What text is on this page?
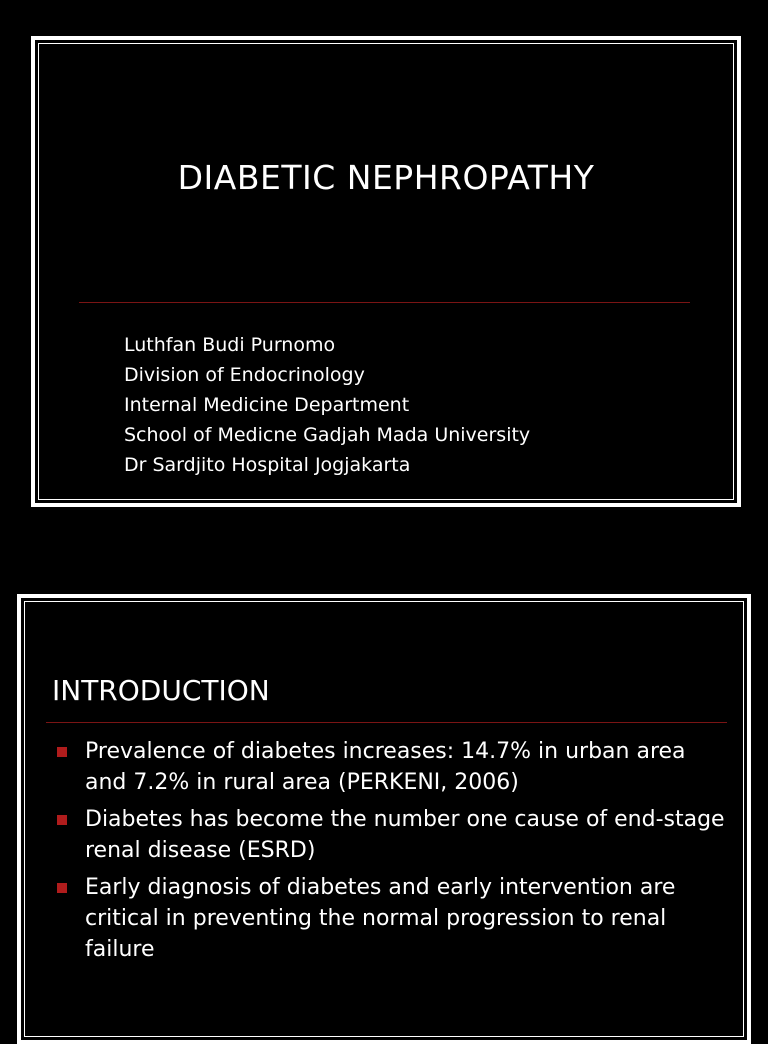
DIABETIC NEPHROPATHY
Luthfan Budi Purnomo
Division of Endocrinology
Internal Medicine Department
School of Medicne Gadjah Mada University
Dr Sardjito Hospital Jogjakarta
INTRODUCTION
Prevalence of diabetes increases: 14.7% in urban area and 7.2% in rural area (PERKENI, 2006)
Diabetes has become the number one cause of end-stage renal disease (ESRD)
Early diagnosis of diabetes and early intervention are critical in preventing the normal progression to renal failure
